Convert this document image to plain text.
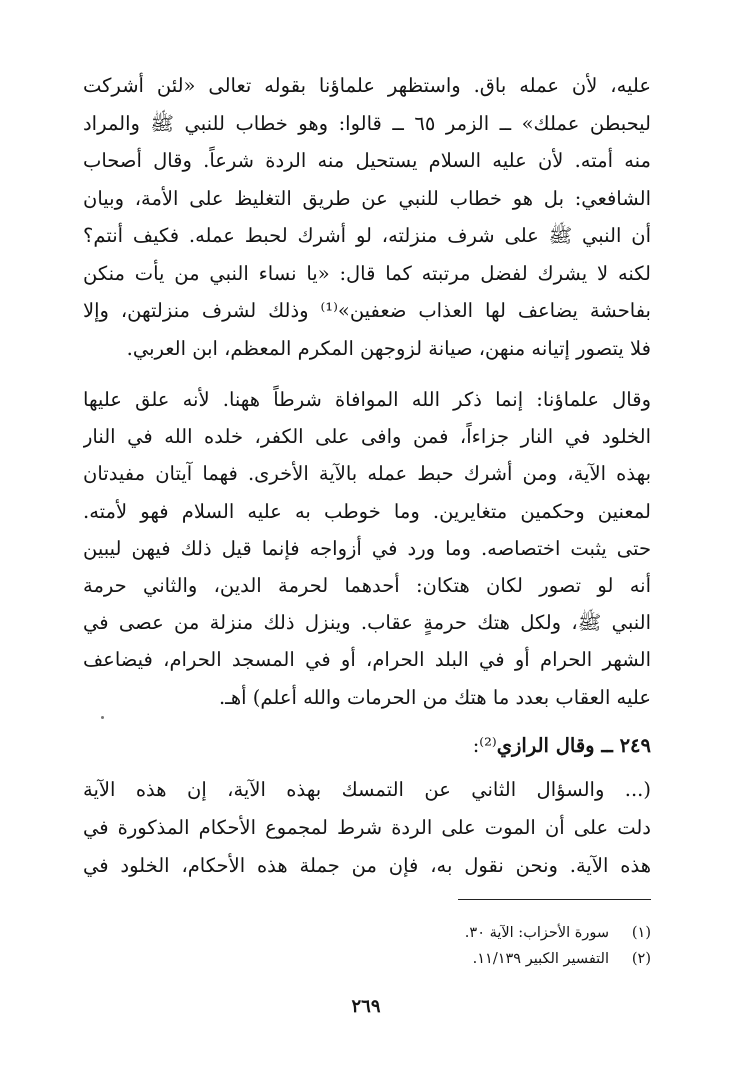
عليه، لأن عمله باق. واستظهر علماؤنا بقوله تعالى «لئن أشركت
ليحبطن عملك» ــ الزمر ٦٥ ــ قالوا: وهو خطاب للنبي ﷺ والمراد
منه أمته. لأن عليه السلام يستحيل منه الردة شرعاً. وقال أصحاب
الشافعي: بل هو خطاب للنبي عن طريق التغليظ على الأمة، وبيان
أن النبي ﷺ على شرف منزلته، لو أشرك لحبط عمله. فكيف أنتم؟
لكنه لا يشرك لفضل مرتبته كما قال: «يا نساء النبي من يأت منكن
بفاحشة يضاعف لها العذاب ضعفين»⁽¹⁾ وذلك لشرف منزلتهن، وإلا
فلا يتصور إتيانه منهن، صيانة لزوجهن المكرم المعظم، ابن العربي.
وقال علماؤنا: إنما ذكر الله الموافاة شرطاً ههنا. لأنه علق عليها
الخلود في النار جزاءاً، فمن وافى على الكفر، خلده الله في النار
بهذه الآية، ومن أشرك حبط عمله بالآية الأخرى. فهما آيتان مفيدتان
لمعنين وحكمين متغايرين. وما خوطب به عليه السلام فهو لأمته.
حتى يثبت اختصاصه. وما ورد في أزواجه فإنما قيل ذلك فيهن ليبين
أنه لو تصور لكان هتكان: أحدهما لحرمة الدين، والثاني حرمة
النبي ﷺ، ولكل هتك حرمةٍ عقاب. وينزل ذلك منزلة من عصى في
الشهر الحرام أو في البلد الحرام، أو في المسجد الحرام، فيضاعف
عليه العقاب بعدد ما هتك من الحرمات والله أعلم) أهـ.
٢٤٩ ــ وقال الرازي⁽²⁾:
(... والسؤال الثاني عن التمسك بهذه الآية، إن هذه الآية
دلت على أن الموت على الردة شرط لمجموع الأحكام المذكورة في
هذه الآية. ونحن نقول به، فإن من جملة هذه الأحكام، الخلود في
(١)سورة الأحزاب: الآية ٣٠.
(٢)التفسير الكبير ١١/١٣٩.
٢٦٩
